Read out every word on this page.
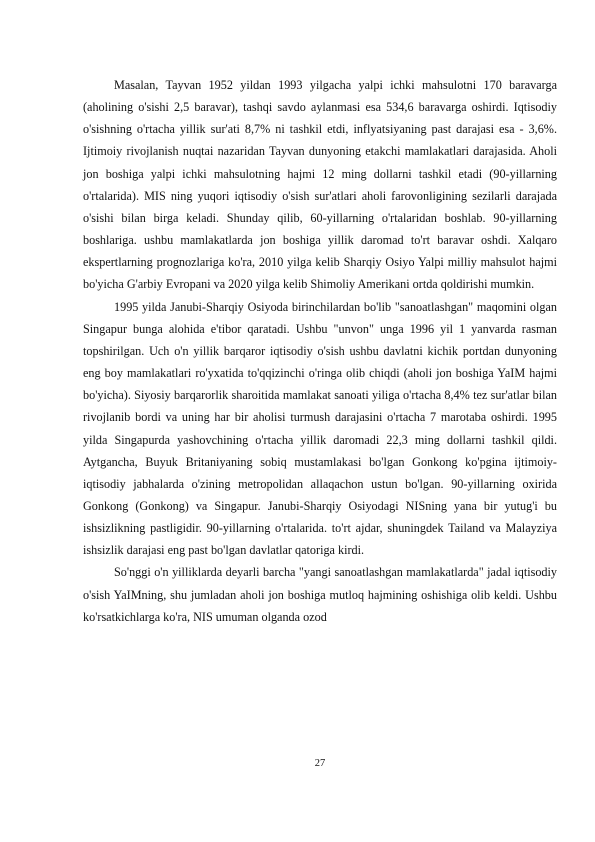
Masalan, Tayvan 1952 yildan 1993 yilgacha yalpi ichki mahsulotni 170 baravarga (aholining o'sishi 2,5 baravar), tashqi savdo aylanmasi esa 534,6 baravarga oshirdi. Iqtisodiy o'sishning o'rtacha yillik sur'ati 8,7% ni tashkil etdi, inflyatsiyaning past darajasi esa - 3,6%. Ijtimoiy rivojlanish nuqtai nazaridan Tayvan dunyoning etakchi mamlakatlari darajasida. Aholi jon boshiga yalpi ichki mahsulotning hajmi 12 ming dollarni tashkil etadi (90-yillarning o'rtalarida). MIS ning yuqori iqtisodiy o'sish sur'atlari aholi farovonligining sezilarli darajada o'sishi bilan birga keladi. Shunday qilib, 60-yillarning o'rtalaridan boshlab. 90-yillarning boshlariga. ushbu mamlakatlarda jon boshiga yillik daromad to'rt baravar oshdi. Xalqaro ekspertlarning prognozlariga ko'ra, 2010 yilga kelib Sharqiy Osiyo Yalpi milliy mahsulot hajmi bo'yicha G'arbiy Evropani va 2020 yilga kelib Shimoliy Amerikani ortda qoldirishi mumkin.

1995 yilda Janubi-Sharqiy Osiyoda birinchilardan bo'lib "sanoatlashgan" maqomini olgan Singapur bunga alohida e'tibor qaratadi. Ushbu "unvon" unga 1996 yil 1 yanvarda rasman topshirilgan. Uch o'n yillik barqaror iqtisodiy o'sish ushbu davlatni kichik portdan dunyoning eng boy mamlakatlari ro'yxatida to'qqizinchi o'ringa olib chiqdi (aholi jon boshiga YaIM hajmi bo'yicha). Siyosiy barqarorlik sharoitida mamlakat sanoati yiliga o'rtacha 8,4% tez sur'atlar bilan rivojlanib bordi va uning har bir aholisi turmush darajasini o'rtacha 7 marotaba oshirdi. 1995 yilda Singapurda yashovchining o'rtacha yillik daromadi 22,3 ming dollarni tashkil qildi. Aytgancha, Buyuk Britaniyaning sobiq mustamlakasi bo'lgan Gonkong ko'pgina ijtimoiy-iqtisodiy jabhalarda o'zining metropolidan allaqachon ustun bo'lgan. 90-yillarning oxirida Gonkong (Gonkong) va Singapur. Janubi-Sharqiy Osiyodagi NISning yana bir yutug'i bu ishsizlikning pastligidir. 90-yillarning o'rtalarida. to'rt ajdar, shuningdek Tailand va Malayziya ishsizlik darajasi eng past bo'lgan davlatlar qatoriga kirdi.

So'nggi o'n yilliklarda deyarli barcha "yangi sanoatlashgan mamlakatlarda" jadal iqtisodiy o'sish YaIMning, shu jumladan aholi jon boshiga mutloq hajmining oshishiga olib keldi. Ushbu ko'rsatkichlarga ko'ra, NIS umuman olganda ozod

27
